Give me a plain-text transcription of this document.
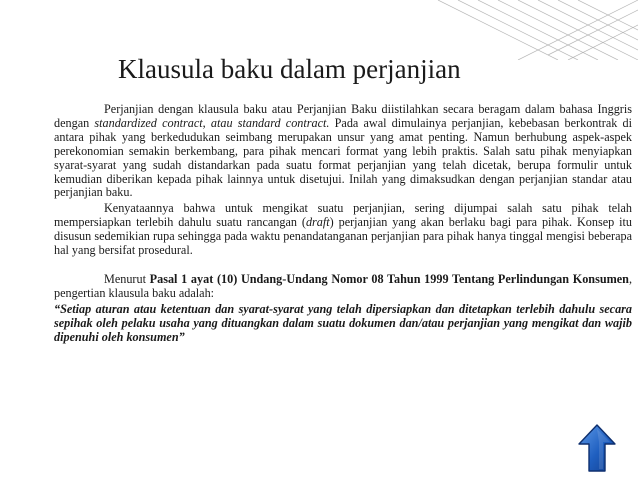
Klausula baku dalam perjanjian

Perjanjian dengan klausula baku atau Perjanjian Baku diistilahkan secara beragam dalam bahasa Inggris dengan standardized contract, atau standard contract. Pada awal dimulainya perjanjian, kebebasan berkontrak di antara pihak yang berkedudukan seimbang merupakan unsur yang amat penting. Namun berhubung aspek-aspek perekonomian semakin berkembang, para pihak mencari format yang lebih praktis. Salah satu pihak menyiapkan syarat-syarat yang sudah distandarkan pada suatu format perjanjian yang telah dicetak, berupa formulir untuk kemudian diberikan kepada pihak lainnya untuk disetujui. Inilah yang dimaksudkan dengan perjanjian standar atau perjanjian baku.

Kenyataannya bahwa untuk mengikat suatu perjanjian, sering dijumpai salah satu pihak telah mempersiapkan terlebih dahulu suatu rancangan (draft) perjanjian yang akan berlaku bagi para pihak. Konsep itu disusun sedemikian rupa sehingga pada waktu penandatanganan perjanjian para pihak hanya tinggal mengisi beberapa hal yang bersifat prosedural.

Menurut Pasal 1 ayat (10) Undang-Undang Nomor 08 Tahun 1999 Tentang Perlindungan Konsumen, pengertian klausula baku adalah:

“Setiap aturan atau ketentuan dan syarat-syarat yang telah dipersiapkan dan ditetapkan terlebih dahulu secara sepihak oleh pelaku usaha yang dituangkan dalam suatu dokumen dan/atau perjanjian yang mengikat dan wajib dipenuhi oleh konsumen”
